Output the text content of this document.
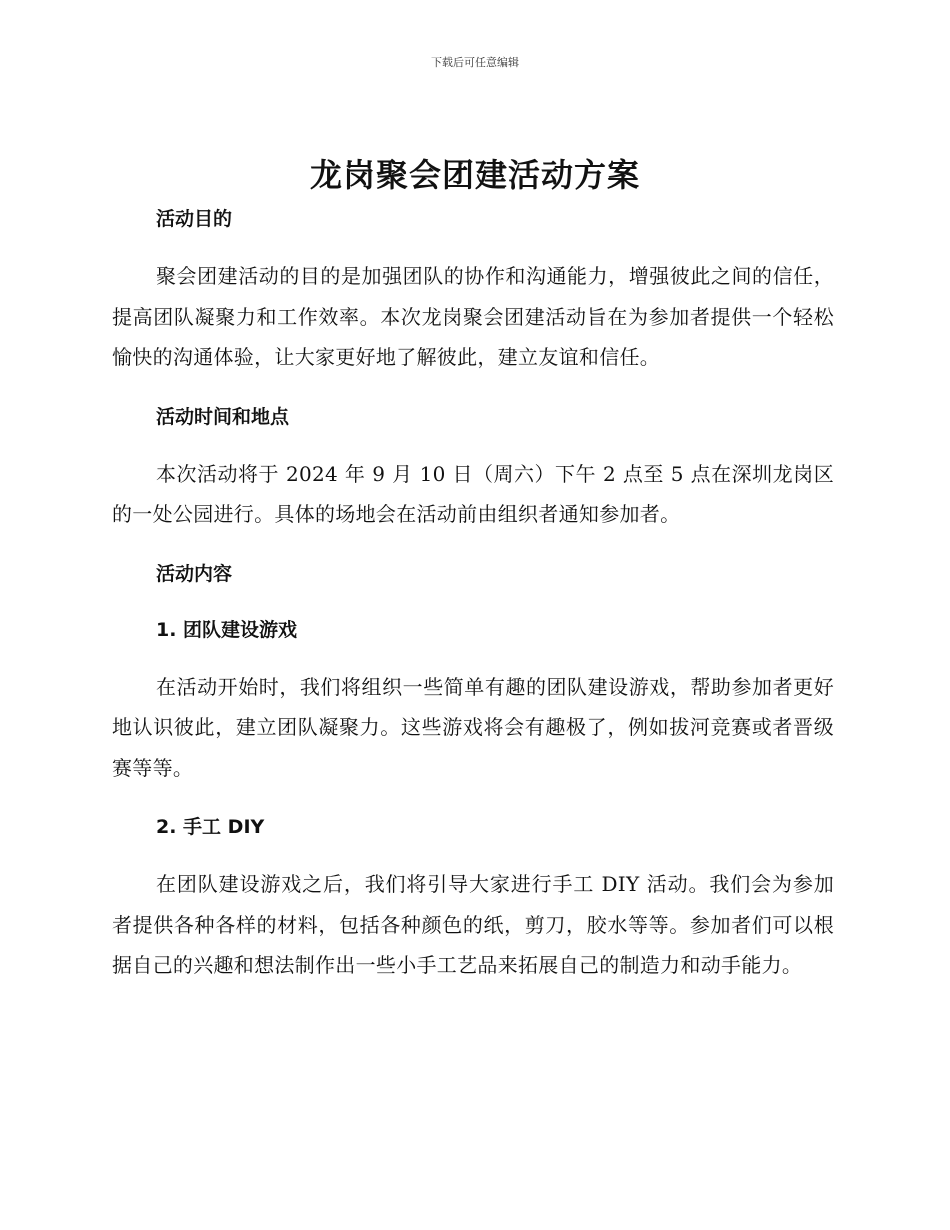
下载后可任意编辑
龙岗聚会团建活动方案
活动目的

聚会团建活动的目的是加强团队的协作和沟通能力，增强彼此之间的信任，提高团队凝聚力和工作效率。本次龙岗聚会团建活动旨在为参加者提供一个轻松愉快的沟通体验，让大家更好地了解彼此，建立友谊和信任。

活动时间和地点

本次活动将于 2024 年 9 月 10 日（周六）下午 2 点至 5 点在深圳龙岗区的一处公园进行。具体的场地会在活动前由组织者通知参加者。

活动内容
1. 团队建设游戏

在活动开始时，我们将组织一些简单有趣的团队建设游戏，帮助参加者更好地认识彼此，建立团队凝聚力。这些游戏将会有趣极了，例如拔河竞赛或者晋级赛等等。

2. 手工 DIY

在团队建设游戏之后，我们将引导大家进行手工 DIY 活动。我们会为参加者提供各种各样的材料，包括各种颜色的纸，剪刀，胶水等等。参加者们可以根据自己的兴趣和想法制作出一些小手工艺品来拓展自己的制造力和动手能力。
